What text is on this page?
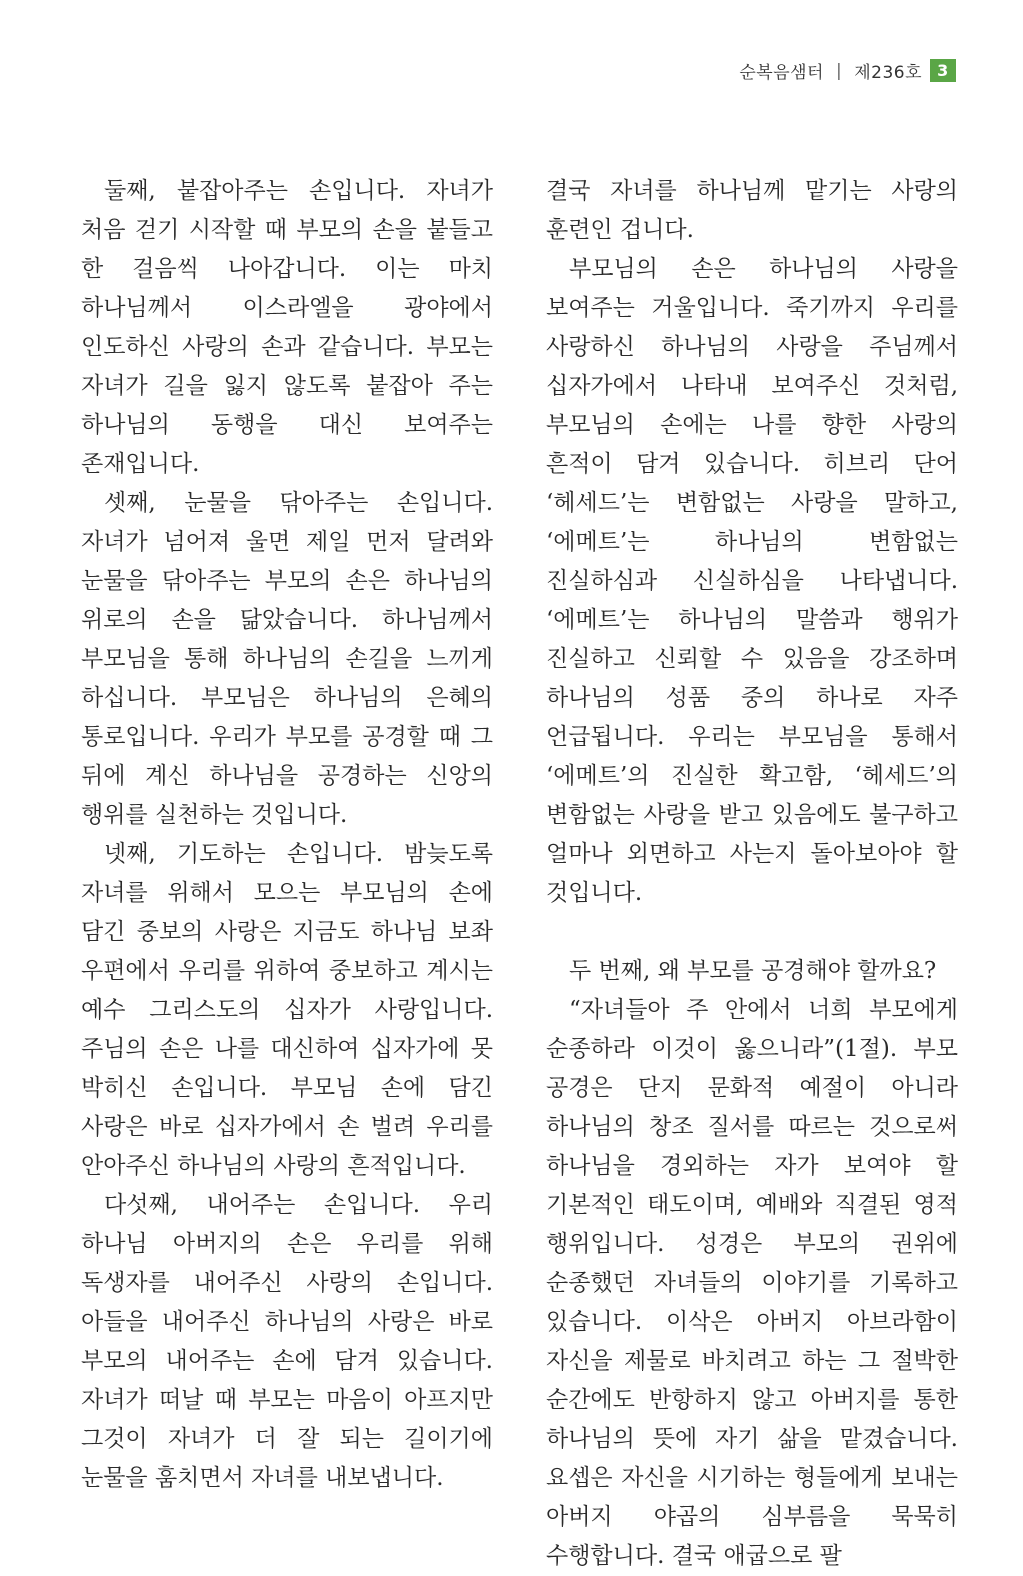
순복음샘터 | 제236호 3

둘째, 붙잡아주는 손입니다. 자녀가 처음 걷기 시작할 때 부모의 손을 붙들고 한 걸음씩 나아갑니다. 이는 마치 하나님께서 이스라엘을 광야에서 인도하신 사랑의 손과 같습니다. 부모는 자녀가 길을 잃지 않도록 붙잡아 주는 하나님의 동행을 대신 보여주는 존재입니다.

셋째, 눈물을 닦아주는 손입니다. 자녀가 넘어져 울면 제일 먼저 달려와 눈물을 닦아주는 부모의 손은 하나님의 위로의 손을 닮았습니다. 하나님께서 부모님을 통해 하나님의 손길을 느끼게 하십니다. 부모님은 하나님의 은혜의 통로입니다. 우리가 부모를 공경할 때 그 뒤에 계신 하나님을 공경하는 신앙의 행위를 실천하는 것입니다.

넷째, 기도하는 손입니다. 밤늦도록 자녀를 위해서 모으는 부모님의 손에 담긴 중보의 사랑은 지금도 하나님 보좌 우편에서 우리를 위하여 중보하고 계시는 예수 그리스도의 십자가 사랑입니다. 주님의 손은 나를 대신하여 십자가에 못 박히신 손입니다. 부모님 손에 담긴 사랑은 바로 십자가에서 손 벌려 우리를 안아주신 하나님의 사랑의 흔적입니다.

다섯째, 내어주는 손입니다. 우리 하나님 아버지의 손은 우리를 위해 독생자를 내어주신 사랑의 손입니다. 아들을 내어주신 하나님의 사랑은 바로 부모의 내어주는 손에 담겨 있습니다. 자녀가 떠날 때 부모는 마음이 아프지만 그것이 자녀가 더 잘 되는 길이기에 눈물을 훔치면서 자녀를 내보냅니다.

결국 자녀를 하나님께 맡기는 사랑의 훈련인 겁니다.

부모님의 손은 하나님의 사랑을 보여주는 거울입니다. 죽기까지 우리를 사랑하신 하나님의 사랑을 주님께서 십자가에서 나타내 보여주신 것처럼, 부모님의 손에는 나를 향한 사랑의 흔적이 담겨 있습니다. 히브리 단어 ‘헤세드’는 변함없는 사랑을 말하고, ‘에메트’는 하나님의 변함없는 진실하심과 신실하심을 나타냅니다. ‘에메트’는 하나님의 말씀과 행위가 진실하고 신뢰할 수 있음을 강조하며 하나님의 성품 중의 하나로 자주 언급됩니다. 우리는 부모님을 통해서 ‘에메트’의 진실한 확고함, ‘헤세드’의 변함없는 사랑을 받고 있음에도 불구하고 얼마나 외면하고 사는지 돌아보아야 할 것입니다.

두 번째, 왜 부모를 공경해야 할까요?

“자녀들아 주 안에서 너희 부모에게 순종하라 이것이 옳으니라”(1절). 부모 공경은 단지 문화적 예절이 아니라 하나님의 창조 질서를 따르는 것으로써 하나님을 경외하는 자가 보여야 할 기본적인 태도이며, 예배와 직결된 영적 행위입니다. 성경은 부모의 권위에 순종했던 자녀들의 이야기를 기록하고 있습니다. 이삭은 아버지 아브라함이 자신을 제물로 바치려고 하는 그 절박한 순간에도 반항하지 않고 아버지를 통한 하나님의 뜻에 자기 삶을 맡겼습니다. 요셉은 자신을 시기하는 형들에게 보내는 아버지 야곱의 심부름을 묵묵히 수행합니다. 결국 애굽으로 팔
